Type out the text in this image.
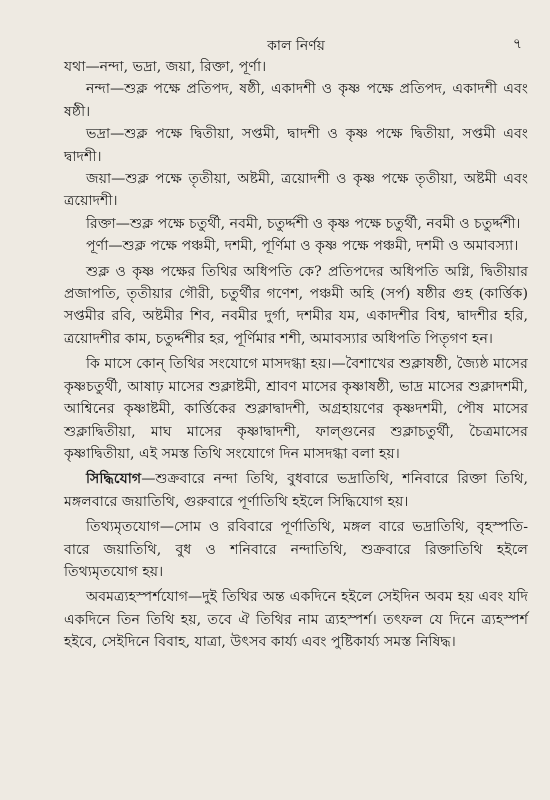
কাল নির্ণয়	৭

যথা—নন্দা, ভদ্রা, জয়া, রিক্তা, পূর্ণা।

নন্দা—শুক্ল পক্ষে প্রতিপদ, ষষ্ঠী, একাদশী ও কৃষ্ণ পক্ষে প্রতিপদ, একাদশী এবং ষষ্ঠী।

ভদ্রা—শুক্ল পক্ষে দ্বিতীয়া, সপ্তমী, দ্বাদশী ও কৃষ্ণ পক্ষে দ্বিতীয়া, সপ্তমী এবং দ্বাদশী।

জয়া—শুক্ল পক্ষে তৃতীয়া, অষ্টমী, ত্রয়োদশী ও কৃষ্ণ পক্ষে তৃতীয়া, অষ্টমী এবং ত্রয়োদশী।

রিক্তা—শুক্ল পক্ষে চতুর্থী, নবমী, চতুর্দ্দশী ও কৃষ্ণ পক্ষে চতুর্থী, নবমী ও চতুর্দ্দশী।

পূর্ণা—শুক্ল পক্ষে পঞ্চমী, দশমী, পূর্ণিমা ও কৃষ্ণ পক্ষে পঞ্চমী, দশমী ও অমাবস্যা।

শুক্ল ও কৃষ্ণ পক্ষের তিথির অধিপতি কে? প্রতিপদের অধিপতি অগ্নি, দ্বিতীয়ার প্রজাপতি, তৃতীয়ার গৌরী, চতুর্থীর গণেশ, পঞ্চমী অহি (সর্প) ষষ্ঠীর গুহ (কার্ত্তিক) সপ্তমীর রবি, অষ্টমীর শিব, নবমীর দুর্গা, দশমীর যম, একাদশীর বিশ্ব, দ্বাদশীর হরি, ত্রয়োদশীর কাম, চতুর্দ্দশীর হর, পূর্ণিমার শশী, অমাবস্যার অধিপতি পিতৃগণ হন।

কি মাসে কোন্ তিথির সংযোগে মাসদগ্ধা হয়।—বৈশাখের শুক্লাষষ্ঠী, জ্যৈষ্ঠ মাসের কৃষ্ণচতুর্থী, আষাঢ় মাসের শুক্লাষ্টমী, শ্রাবণ মাসের কৃষ্ণাষষ্ঠী, ভাদ্র মাসের শুক্লাদশমী, আশ্বিনের কৃষ্ণাষ্টমী, কার্ত্তিকের শুক্লাদ্বাদশী, অগ্রহায়ণের কৃষ্ণদশমী, পৌষ মাসের শুক্লাদ্বিতীয়া, মাঘ মাসের কৃষ্ণাদ্বাদশী, ফাল্গুনের শুক্লাচতুর্থী, চৈত্রমাসের কৃষ্ণাদ্বিতীয়া, এই সমস্ত তিথি সংযোগে দিন মাসদগ্ধা বলা হয়।

সিদ্ধিযোগ—শুক্রবারে নন্দা তিথি, বুধবারে ভদ্রাতিথি, শনিবারে রিক্তা তিথি, মঙ্গলবারে জয়াতিথি, গুরুবারে পূর্ণাতিথি হইলে সিদ্ধিযোগ হয়।

তিথ্যমৃতযোগ—সোম ও রবিবারে পূর্ণাতিথি, মঙ্গল বারে ভদ্রাতিথি, বৃহস্পতি- বারে জয়াতিথি, বুধ ও শনিবারে নন্দাতিথি, শুক্রবারে রিক্তাতিথি হইলে তিথ্যমৃতযোগ হয়।

অবমত্র্যহস্পর্শযোগ—দুই তিথির অন্ত একদিনে হইলে সেইদিন অবম হয় এবং যদি একদিনে তিন তিথি হয়, তবে ঐ তিথির নাম ত্র্যহস্পর্শ। তৎফল যে দিনে ত্র্যহস্পর্শ হইবে, সেইদিনে বিবাহ, যাত্রা, উৎসব কার্য্য এবং পুষ্টিকার্য্য সমস্ত নিষিদ্ধ।
